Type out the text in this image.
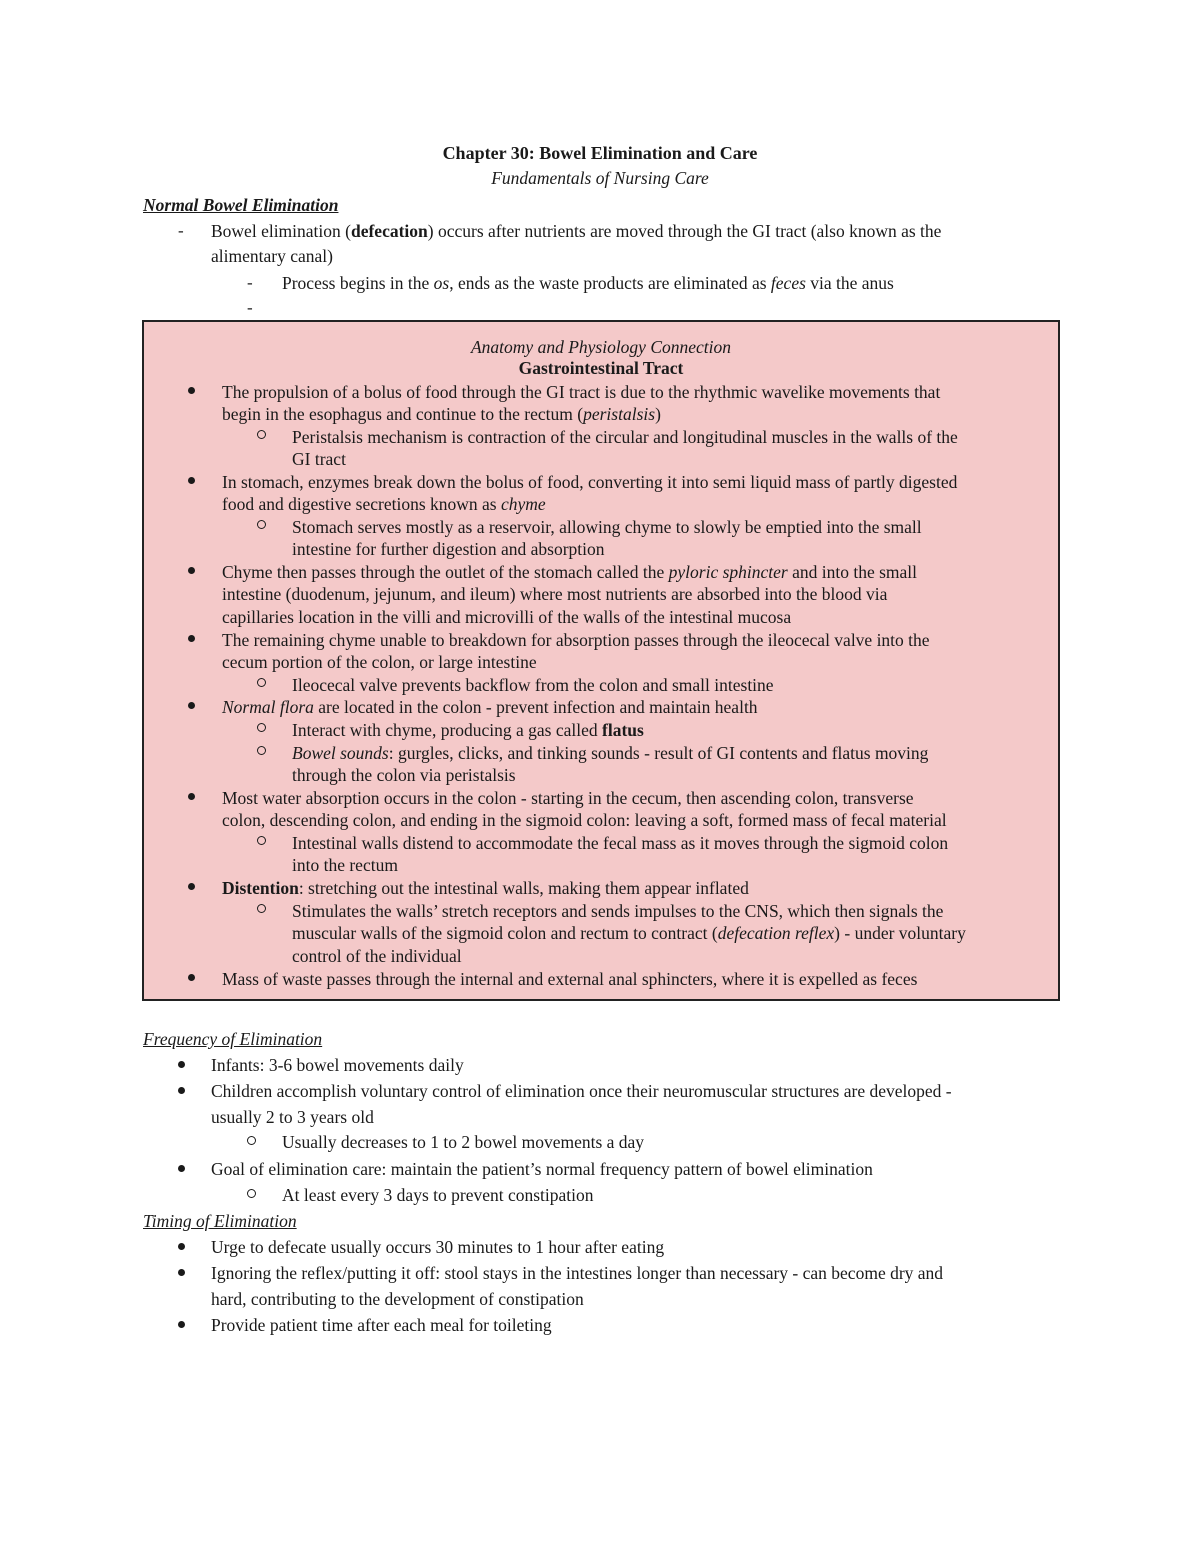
Chapter 30: Bowel Elimination and Care
Fundamentals of Nursing Care
Normal Bowel Elimination
- Bowel elimination (defecation) occurs after nutrients are moved through the GI tract (also known as the
alimentary canal)
- Process begins in the os, ends as the waste products are eliminated as feces via the anus
-
Anatomy and Physiology Connection
Gastrointestinal Tract
The propulsion of a bolus of food through the GI tract is due to the rhythmic wavelike movements that
begin in the esophagus and continue to the rectum (peristalsis)
Peristalsis mechanism is contraction of the circular and longitudinal muscles in the walls of the
GI tract
In stomach, enzymes break down the bolus of food, converting it into semi liquid mass of partly digested
food and digestive secretions known as chyme
Stomach serves mostly as a reservoir, allowing chyme to slowly be emptied into the small
intestine for further digestion and absorption
Chyme then passes through the outlet of the stomach called the pyloric sphincter and into the small
intestine (duodenum, jejunum, and ileum) where most nutrients are absorbed into the blood via
capillaries location in the villi and microvilli of the walls of the intestinal mucosa
The remaining chyme unable to breakdown for absorption passes through the ileocecal valve into the
cecum portion of the colon, or large intestine
Ileocecal valve prevents backflow from the colon and small intestine
Normal flora are located in the colon - prevent infection and maintain health
Interact with chyme, producing a gas called flatus
Bowel sounds: gurgles, clicks, and tinking sounds - result of GI contents and flatus moving
through the colon via peristalsis
Most water absorption occurs in the colon - starting in the cecum, then ascending colon, transverse
colon, descending colon, and ending in the sigmoid colon: leaving a soft, formed mass of fecal material
Intestinal walls distend to accommodate the fecal mass as it moves through the sigmoid colon
into the rectum
Distention: stretching out the intestinal walls, making them appear inflated
Stimulates the walls’ stretch receptors and sends impulses to the CNS, which then signals the
muscular walls of the sigmoid colon and rectum to contract (defecation reflex) - under voluntary
control of the individual
Mass of waste passes through the internal and external anal sphincters, where it is expelled as feces
Frequency of Elimination
Infants: 3-6 bowel movements daily
Children accomplish voluntary control of elimination once their neuromuscular structures are developed -
usually 2 to 3 years old
Usually decreases to 1 to 2 bowel movements a day
Goal of elimination care: maintain the patient’s normal frequency pattern of bowel elimination
At least every 3 days to prevent constipation
Timing of Elimination
Urge to defecate usually occurs 30 minutes to 1 hour after eating
Ignoring the reflex/putting it off: stool stays in the intestines longer than necessary - can become dry and
hard, contributing to the development of constipation
Provide patient time after each meal for toileting
